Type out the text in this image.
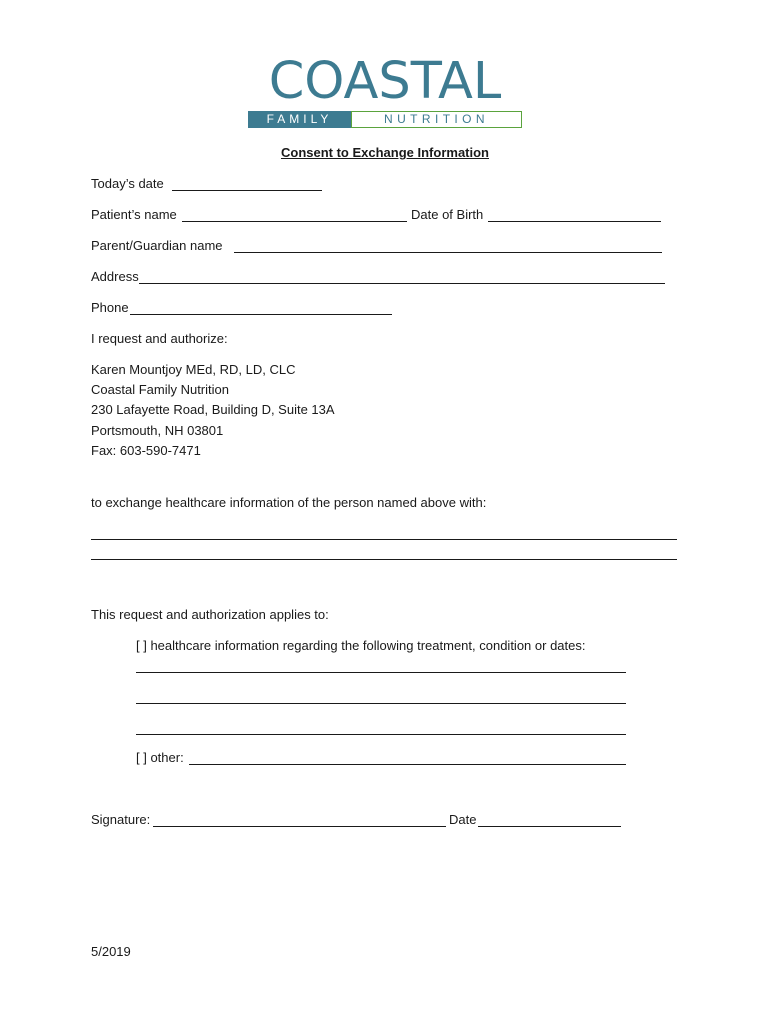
COASTAL
FAMILY	NUTRITION
Consent to Exchange Information
Today’s date
Patient’s name	Date of Birth
Parent/Guardian name
Address
Phone
I request and authorize:
Karen Mountjoy MEd, RD, LD, CLC
Coastal Family Nutrition
230 Lafayette Road, Building D, Suite 13A
Portsmouth, NH 03801
Fax: 603-590-7471
to exchange healthcare information of the person named above with:
This request and authorization applies to:
[ ] healthcare information regarding the following treatment, condition or dates:
[ ] other:
Signature:	Date
5/2019
